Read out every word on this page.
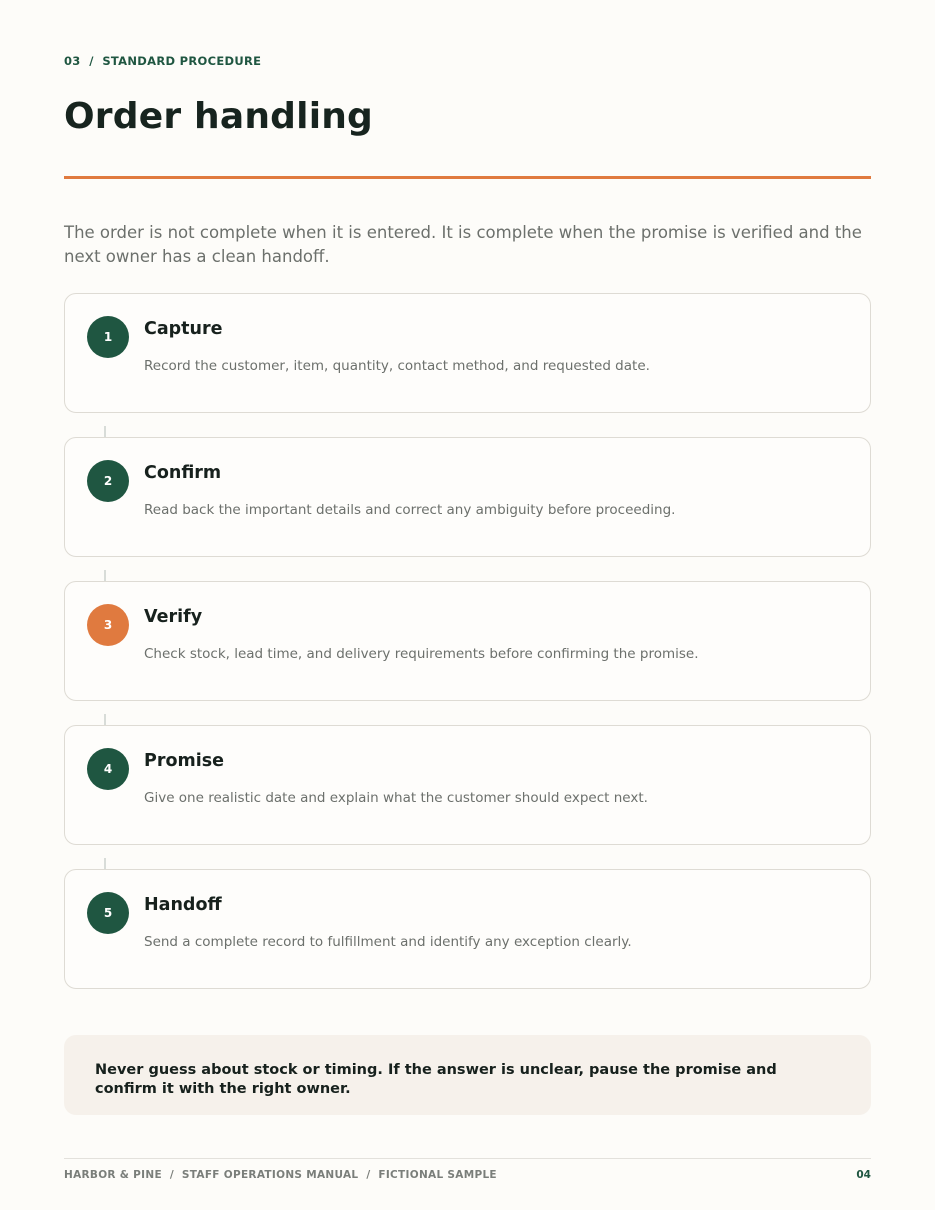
03  /  STANDARD PROCEDURE
Order handling

The order is not complete when it is entered. It is complete when the promise is verified and the next owner has a clean handoff.

1	Capture
Record the customer, item, quantity, contact method, and requested date.
2	Confirm
Read back the important details and correct any ambiguity before proceeding.
3	Verify
Check stock, lead time, and delivery requirements before confirming the promise.
4	Promise
Give one realistic date and explain what the customer should expect next.
5	Handoff
Send a complete record to fulfillment and identify any exception clearly.
Never guess about stock or timing. If the answer is unclear, pause the promise and confirm it with the right owner.
HARBOR & PINE  /  STAFF OPERATIONS MANUAL  /  FICTIONAL SAMPLE	04
